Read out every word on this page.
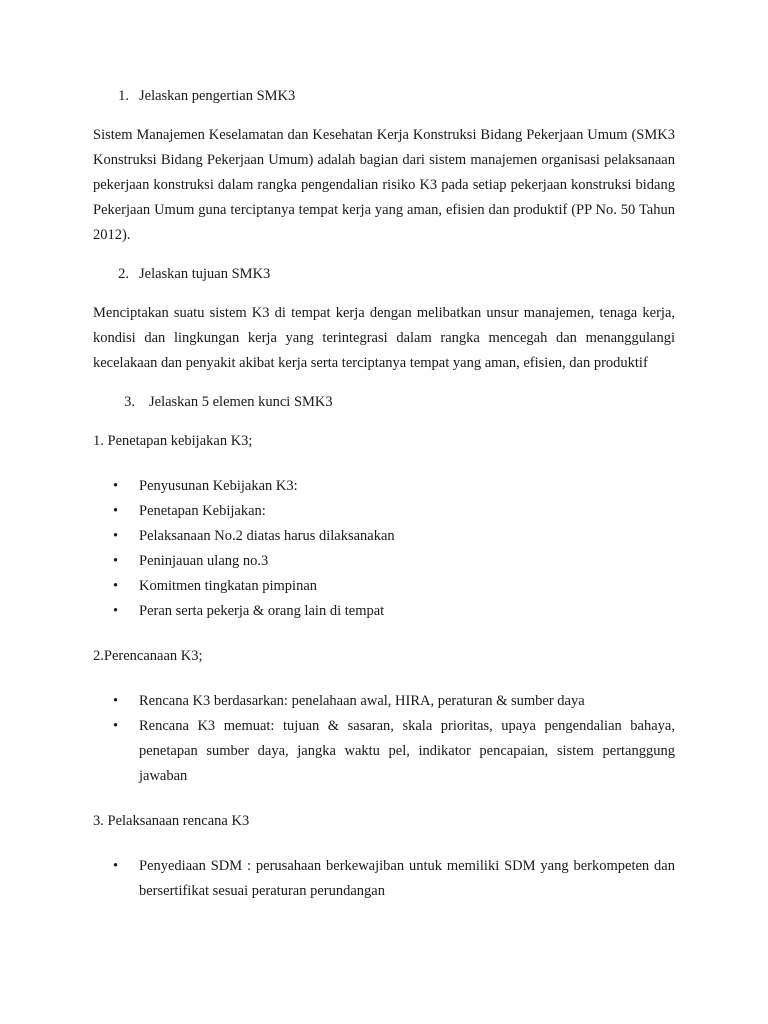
1. Jelaskan pengertian SMK3

Sistem Manajemen Keselamatan dan Kesehatan Kerja Konstruksi Bidang Pekerjaan Umum (SMK3 Konstruksi Bidang Pekerjaan Umum) adalah bagian dari sistem manajemen organisasi pelaksanaan pekerjaan konstruksi dalam rangka pengendalian risiko K3 pada setiap pekerjaan konstruksi bidang Pekerjaan Umum guna terciptanya tempat kerja yang aman, efisien dan produktif (PP No. 50 Tahun 2012).

2. Jelaskan tujuan SMK3

Menciptakan suatu sistem K3 di tempat kerja dengan melibatkan unsur manajemen, tenaga kerja, kondisi dan lingkungan kerja yang terintegrasi dalam rangka mencegah dan menanggulangi kecelakaan dan penyakit akibat kerja serta terciptanya tempat yang aman, efisien, dan produktif

3. Jelaskan 5 elemen kunci SMK3
1. Penetapan kebijakan K3;
•	Penyusunan Kebijakan K3:
•	Penetapan Kebijakan:
•	Pelaksanaan No.2 diatas harus dilaksanakan
•	Peninjauan ulang no.3
•	Komitmen tingkatan pimpinan
•	Peran serta pekerja & orang lain di tempat
2.Perencanaan K3;
•	Rencana K3 berdasarkan: penelahaan awal, HIRA, peraturan & sumber daya
•	Rencana K3 memuat: tujuan & sasaran, skala prioritas, upaya pengendalian bahaya, penetapan sumber daya, jangka waktu pel, indikator pencapaian, sistem pertanggung jawaban
3. Pelaksanaan rencana K3
•	Penyediaan SDM : perusahaan berkewajiban untuk memiliki SDM yang berkompeten dan bersertifikat sesuai peraturan perundangan
